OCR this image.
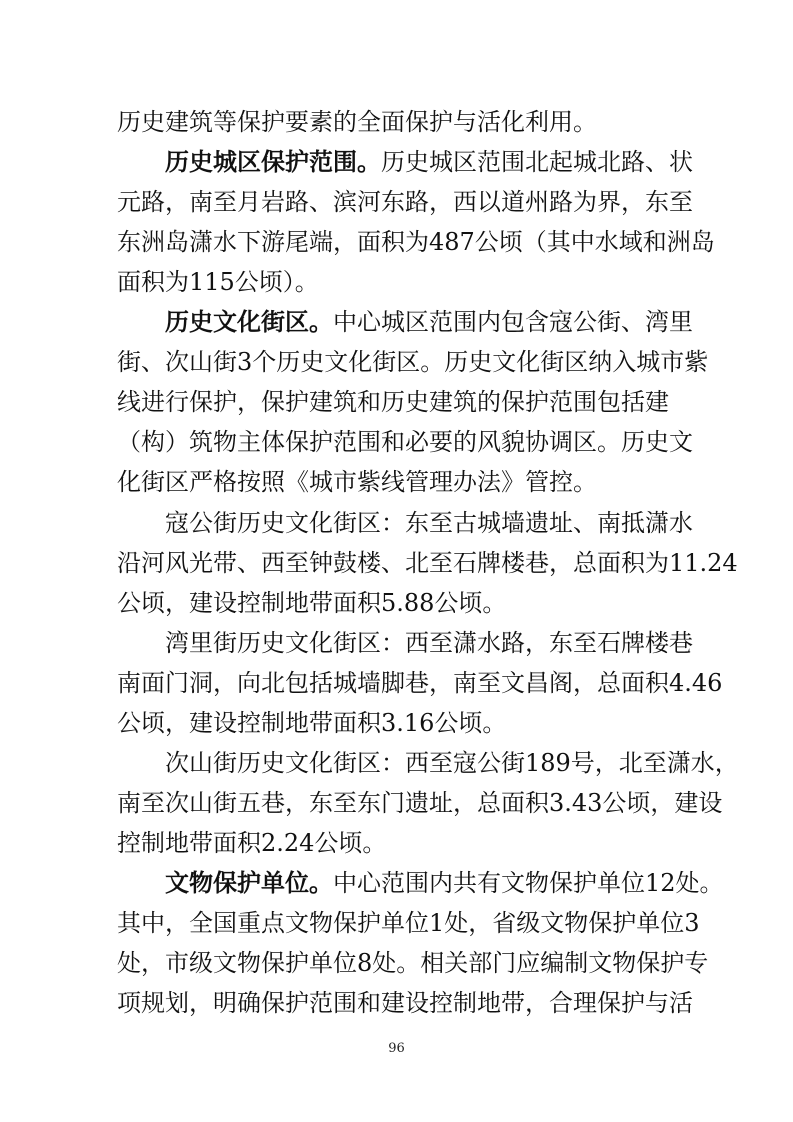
历史建筑等保护要素的全面保护与活化利用。
历史城区保护范围。历史城区范围北起城北路、状
元路，南至月岩路、滨河东路，西以道州路为界，东至
东洲岛潇水下游尾端，面积为487公顷（其中水域和洲岛
面积为115公顷）。
历史文化街区。中心城区范围内包含寇公街、湾里
街、次山街3个历史文化街区。历史文化街区纳入城市紫
线进行保护，保护建筑和历史建筑的保护范围包括建
（构）筑物主体保护范围和必要的风貌协调区。历史文
化街区严格按照《城市紫线管理办法》管控。
寇公街历史文化街区：东至古城墙遗址、南抵潇水
沿河风光带、西至钟鼓楼、北至石牌楼巷，总面积为11.24
公顷，建设控制地带面积5.88公顷。
湾里街历史文化街区：西至潇水路，东至石牌楼巷
南面门洞，向北包括城墙脚巷，南至文昌阁，总面积4.46
公顷，建设控制地带面积3.16公顷。
次山街历史文化街区：西至寇公街189号，北至潇水，
南至次山街五巷，东至东门遗址，总面积3.43公顷，建设
控制地带面积2.24公顷。
文物保护单位。中心范围内共有文物保护单位12处。
其中，全国重点文物保护单位1处，省级文物保护单位3
处，市级文物保护单位8处。相关部门应编制文物保护专
项规划，明确保护范围和建设控制地带，合理保护与活
96
